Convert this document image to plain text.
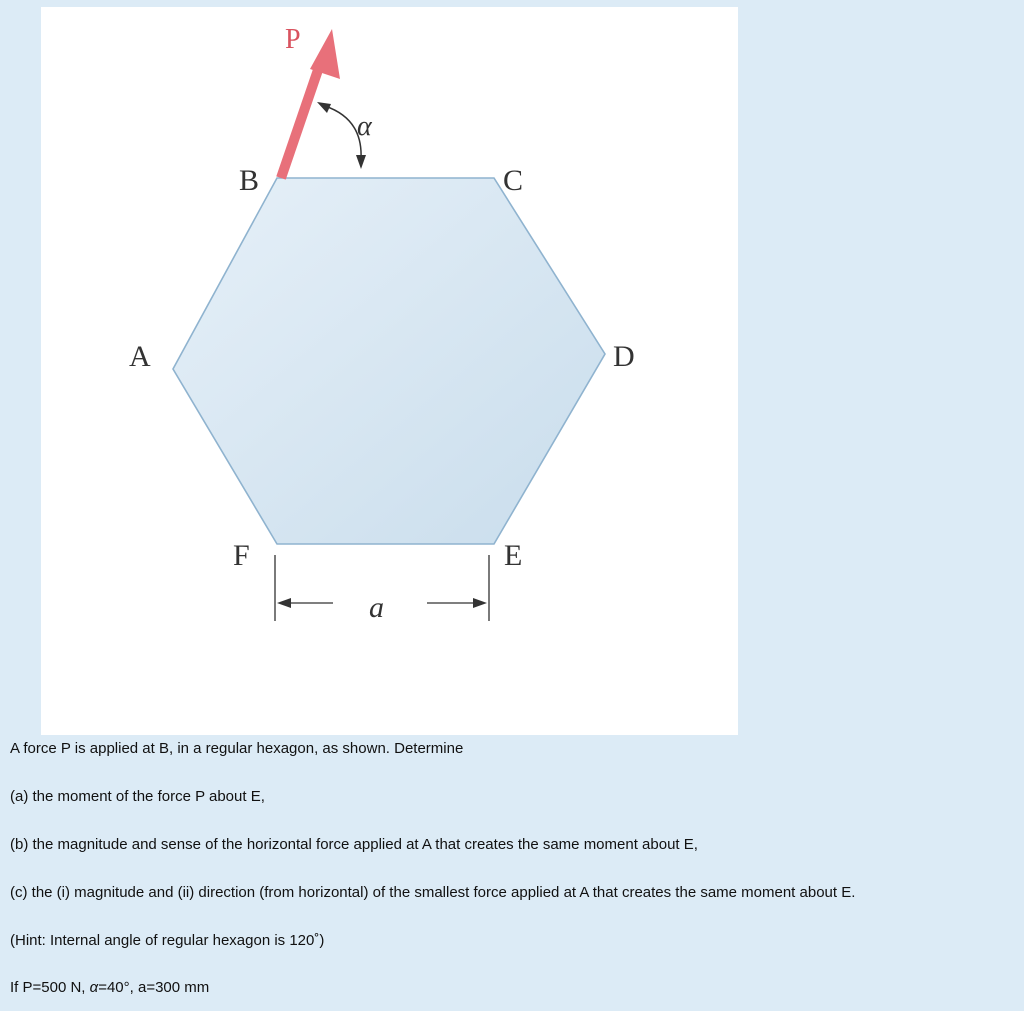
P
α
B	C
A	D
F	E
a
A force P is applied at B, in a regular hexagon, as shown. Determine
(a) the moment of the force P about E,
(b) the magnitude and sense of the horizontal force applied at A that creates the same moment about E,
(c) the (i) magnitude and (ii) direction (from horizontal) of the smallest force applied at A that creates the same moment about E.
(Hint: Internal angle of regular hexagon is 120˚)
If P=500 N, α=40°, a=300 mm
